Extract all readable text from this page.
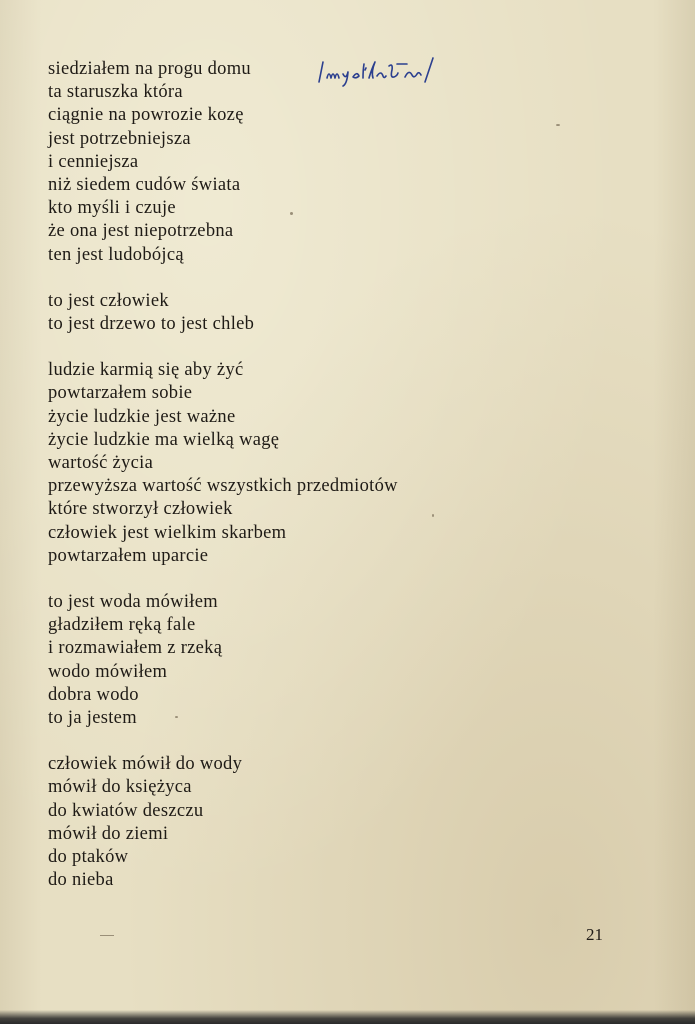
siedziałem na progu domu
ta staruszka która
ciągnie na powrozie kozę
jest potrzebniejsza
i cenniejsza
niż siedem cudów świata
kto myśli i czuje
że ona jest niepotrzebna
ten jest ludobójcą
to jest człowiek
to jest drzewo to jest chleb
ludzie karmią się aby żyć
powtarzałem sobie
życie ludzkie jest ważne
życie ludzkie ma wielką wagę
wartość życia
przewyższa wartość wszystkich przedmiotów
które stworzył człowiek
człowiek jest wielkim skarbem
powtarzałem uparcie
to jest woda mówiłem
gładziłem ręką fale
i rozmawiałem z rzeką
wodo mówiłem
dobra wodo
to ja jestem
człowiek mówił do wody
mówił do księżyca
do kwiatów deszczu
mówił do ziemi
do ptaków
do nieba
21
